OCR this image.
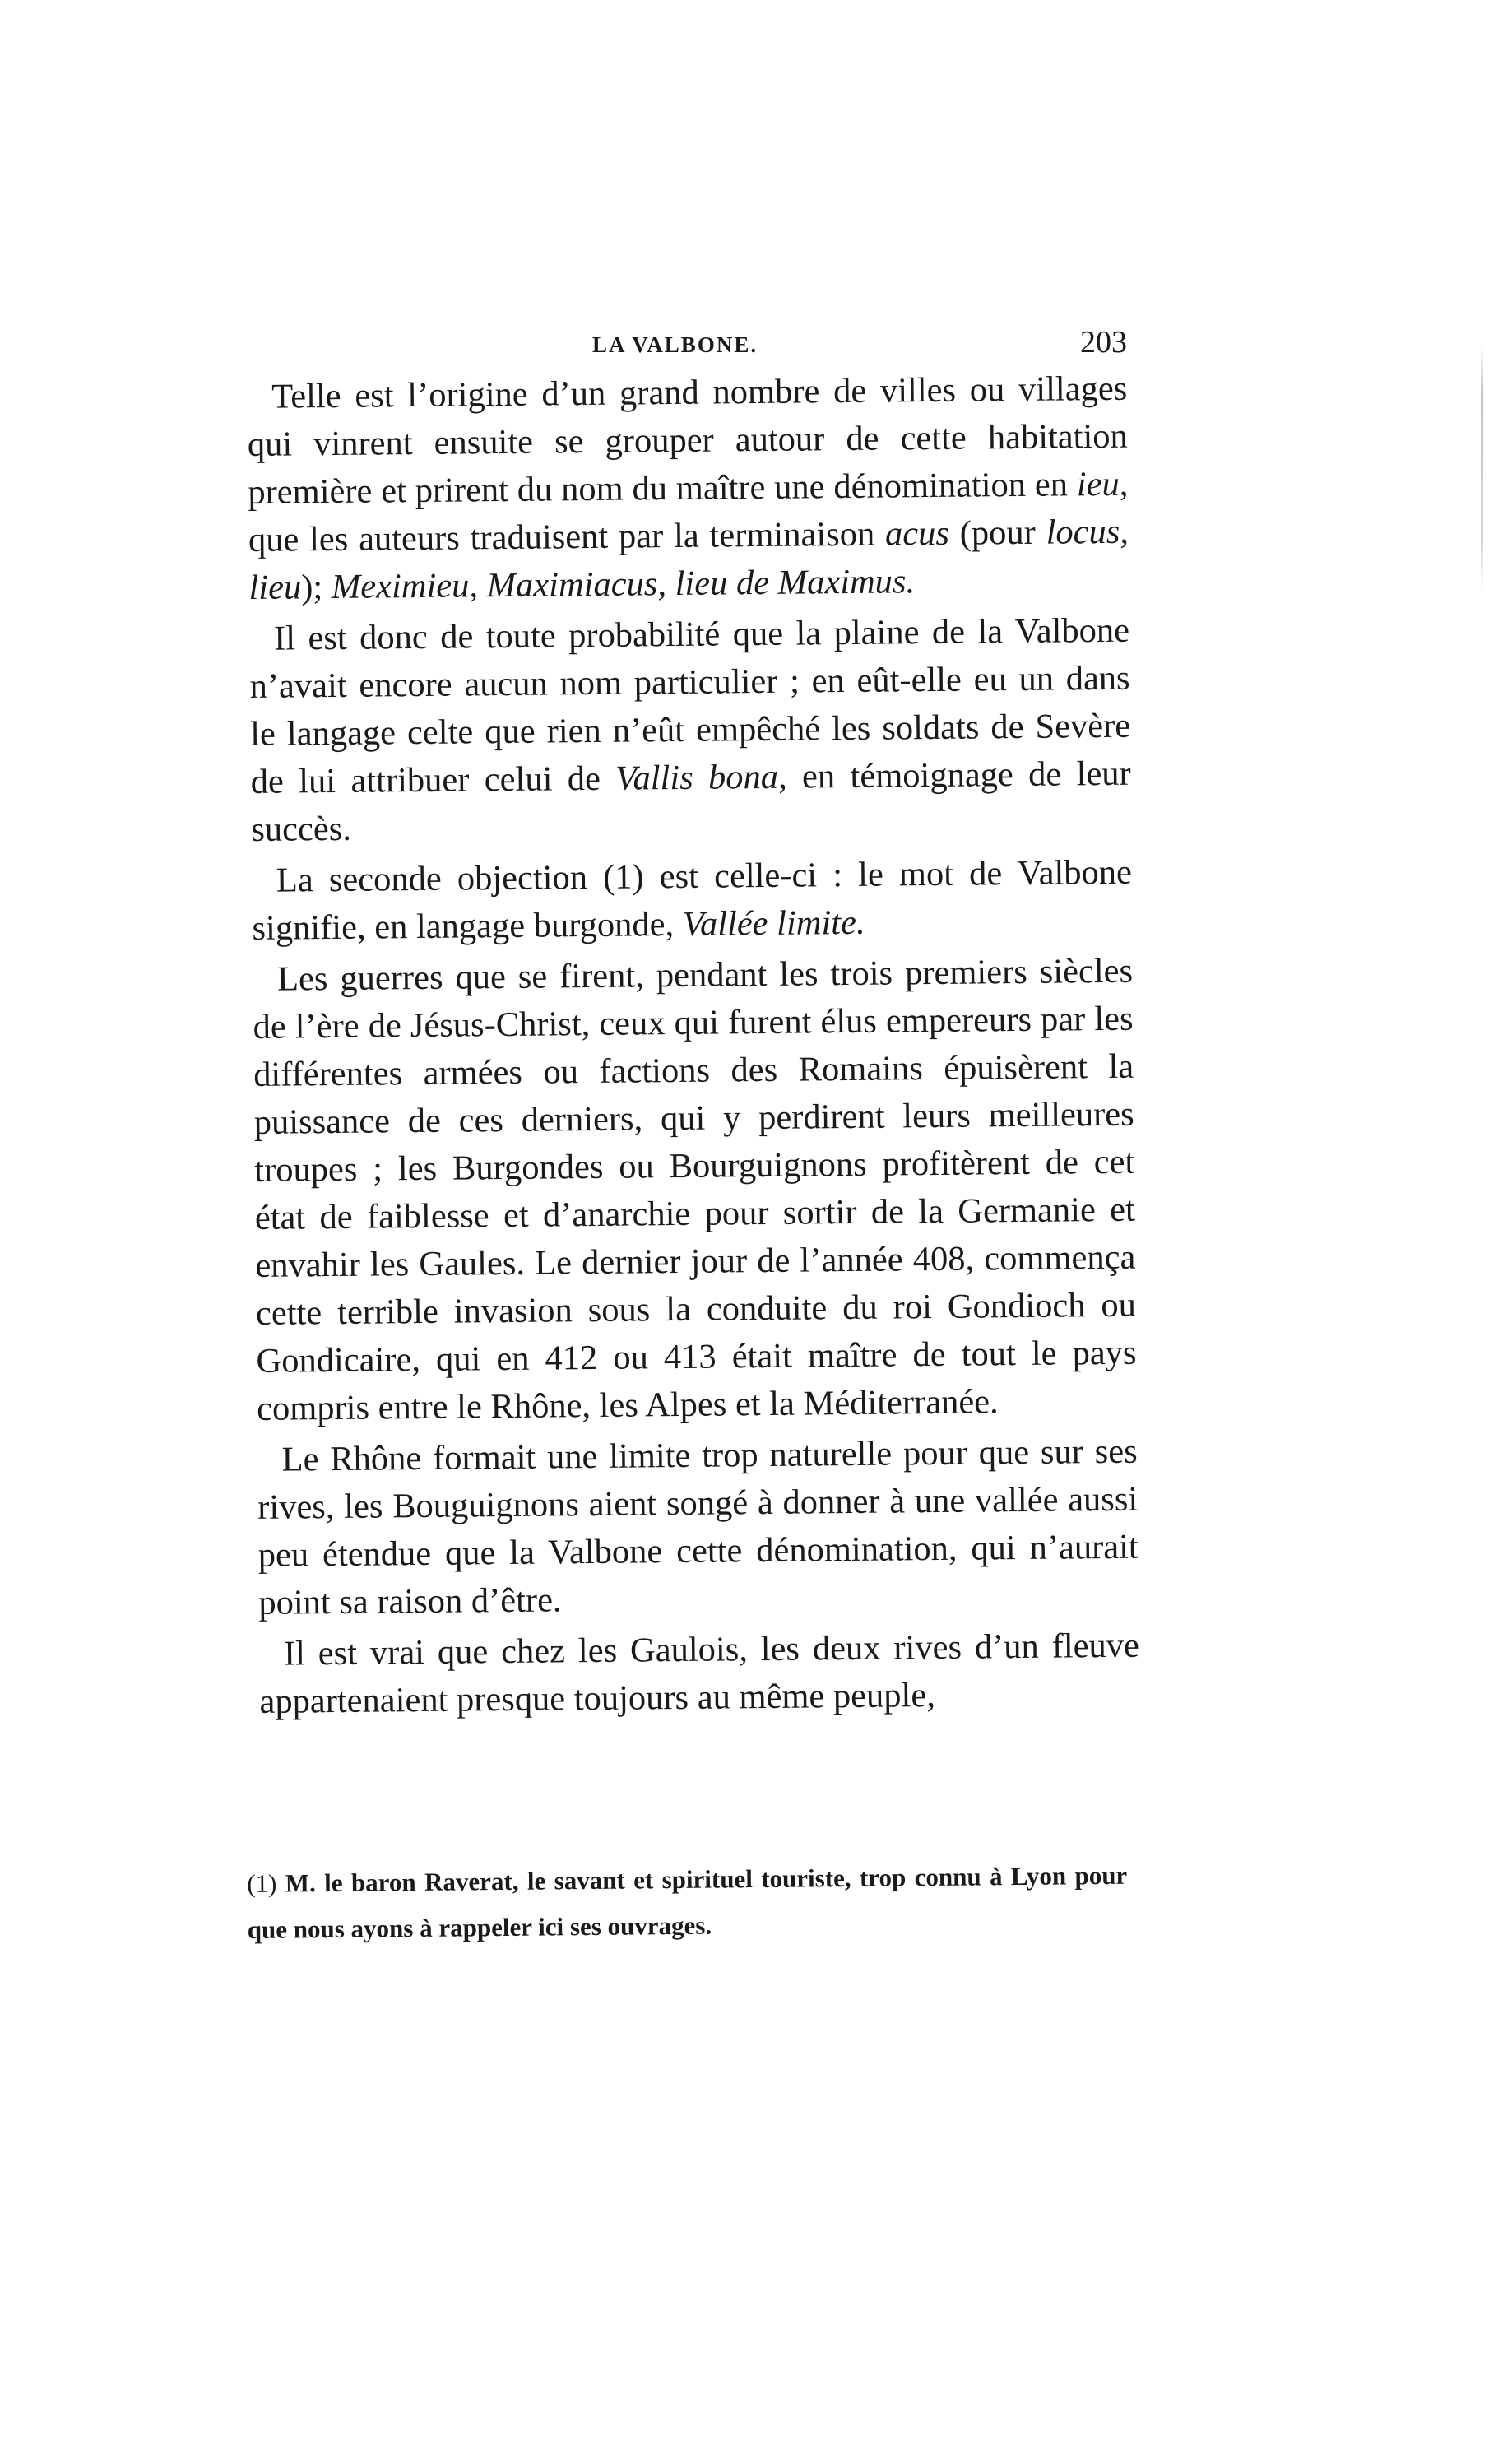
LA VALBONE.	203

Telle est l’origine d’un grand nombre de villes ou villages qui vinrent ensuite se grouper autour de cette habitation première et prirent du nom du maître une dénomination en ieu, que les auteurs traduisent par la terminaison acus (pour locus, lieu); Meximieu, Maximiacus, lieu de Maximus.

Il est donc de toute probabilité que la plaine de la Valbone n’avait encore aucun nom particulier ; en eût-elle eu un dans le langage celte que rien n’eût empêché les soldats de Sevère de lui attribuer celui de Vallis bona, en témoignage de leur succès.

La seconde objection (1) est celle-ci : le mot de Valbone signifie, en langage burgonde, Vallée limite.

Les guerres que se firent, pendant les trois premiers siècles de l’ère de Jésus-Christ, ceux qui furent élus empereurs par les différentes armées ou factions des Romains épuisèrent la puissance de ces derniers, qui y perdirent leurs meilleures troupes ; les Burgondes ou Bourguignons profitèrent de cet état de faiblesse et d’anarchie pour sortir de la Germanie et envahir les Gaules. Le dernier jour de l’année 408, commença cette terrible invasion sous la conduite du roi Gondioch ou Gondicaire, qui en 412 ou 413 était maître de tout le pays compris entre le Rhône, les Alpes et la Méditerranée.

Le Rhône formait une limite trop naturelle pour que sur ses rives, les Bouguignons aient songé à donner à une vallée aussi peu étendue que la Valbone cette dénomination, qui n’aurait point sa raison d’être.

Il est vrai que chez les Gaulois, les deux rives d’un fleuve appartenaient presque toujours au même peuple,

(1) M. le baron Raverat, le savant et spirituel touriste, trop connu à Lyon pour que nous ayons à rappeler ici ses ouvrages.
